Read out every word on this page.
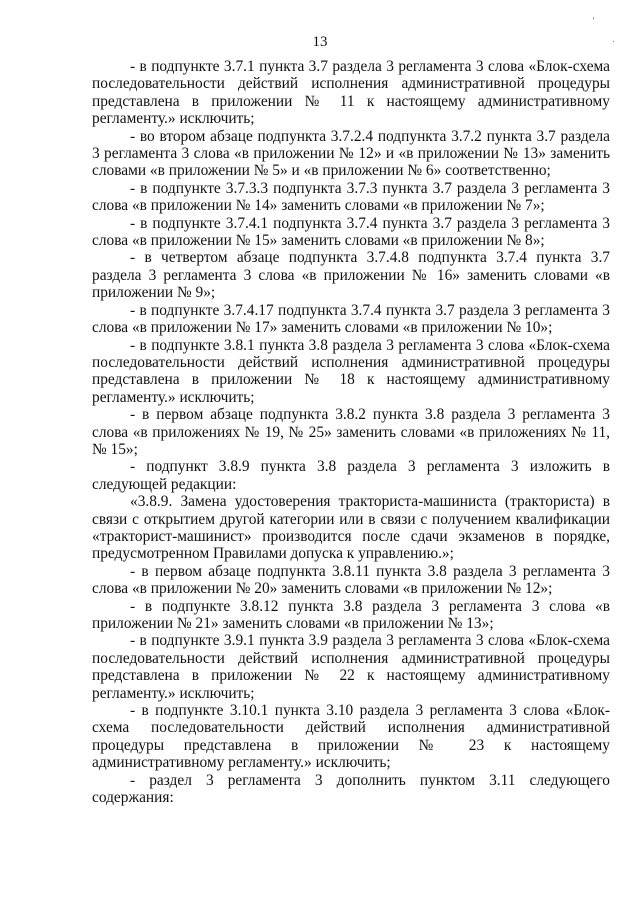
13
'
.

- в подпункте 3.7.1 пункта 3.7 раздела 3 регламента 3 слова «Блок-схема последовательности действий исполнения административной процедуры представлена в приложении № 11 к настоящему административному регламенту.» исключить;

- во втором абзаце подпункта 3.7.2.4 подпункта 3.7.2 пункта 3.7 раздела 3 регламента 3 слова «в приложении № 12» и «в приложении № 13» заменить словами «в приложении № 5» и «в приложении № 6» соответственно;

- в подпункте 3.7.3.3 подпункта 3.7.3 пункта 3.7 раздела 3 регламента 3 слова «в приложении № 14» заменить словами «в приложении № 7»;

- в подпункте 3.7.4.1 подпункта 3.7.4 пункта 3.7 раздела 3 регламента 3 слова «в приложении № 15» заменить словами «в приложении № 8»;

- в четвертом абзаце подпункта 3.7.4.8 подпункта 3.7.4 пункта 3.7 раздела 3 регламента 3 слова «в приложении № 16» заменить словами «в приложении № 9»;

- в подпункте 3.7.4.17 подпункта 3.7.4 пункта 3.7 раздела 3 регламента 3 слова «в приложении № 17» заменить словами «в приложении № 10»;

- в подпункте 3.8.1 пункта 3.8 раздела 3 регламента 3 слова «Блок-схема последовательности действий исполнения административной процедуры представлена в приложении № 18 к настоящему административному регламенту.» исключить;

- в первом абзаце подпункта 3.8.2 пункта 3.8 раздела 3 регламента 3 слова «в приложениях № 19, № 25» заменить словами «в приложениях № 11, № 15»;

- подпункт 3.8.9 пункта 3.8 раздела 3 регламента 3 изложить в следующей редакции:

«3.8.9. Замена удостоверения тракториста-машиниста (тракториста) в связи с открытием другой категории или в связи с получением квалификации «тракторист-машинист» производится после сдачи экзаменов в порядке, предусмотренном Правилами допуска к управлению.»;

- в первом абзаце подпункта 3.8.11 пункта 3.8 раздела 3 регламента 3 слова «в приложении № 20» заменить словами «в приложении № 12»;

- в подпункте 3.8.12 пункта 3.8 раздела 3 регламента 3 слова «в приложении № 21» заменить словами «в приложении № 13»;

- в подпункте 3.9.1 пункта 3.9 раздела 3 регламента 3 слова «Блок-схема последовательности действий исполнения административной процедуры представлена в приложении № 22 к настоящему административному регламенту.» исключить;

- в подпункте 3.10.1 пункта 3.10 раздела 3 регламента 3 слова «Блок-схема последовательности действий исполнения административной процедуры представлена в приложении № 23 к настоящему административному регламенту.» исключить;

- раздел 3 регламента 3 дополнить пунктом 3.11 следующего содержания:
